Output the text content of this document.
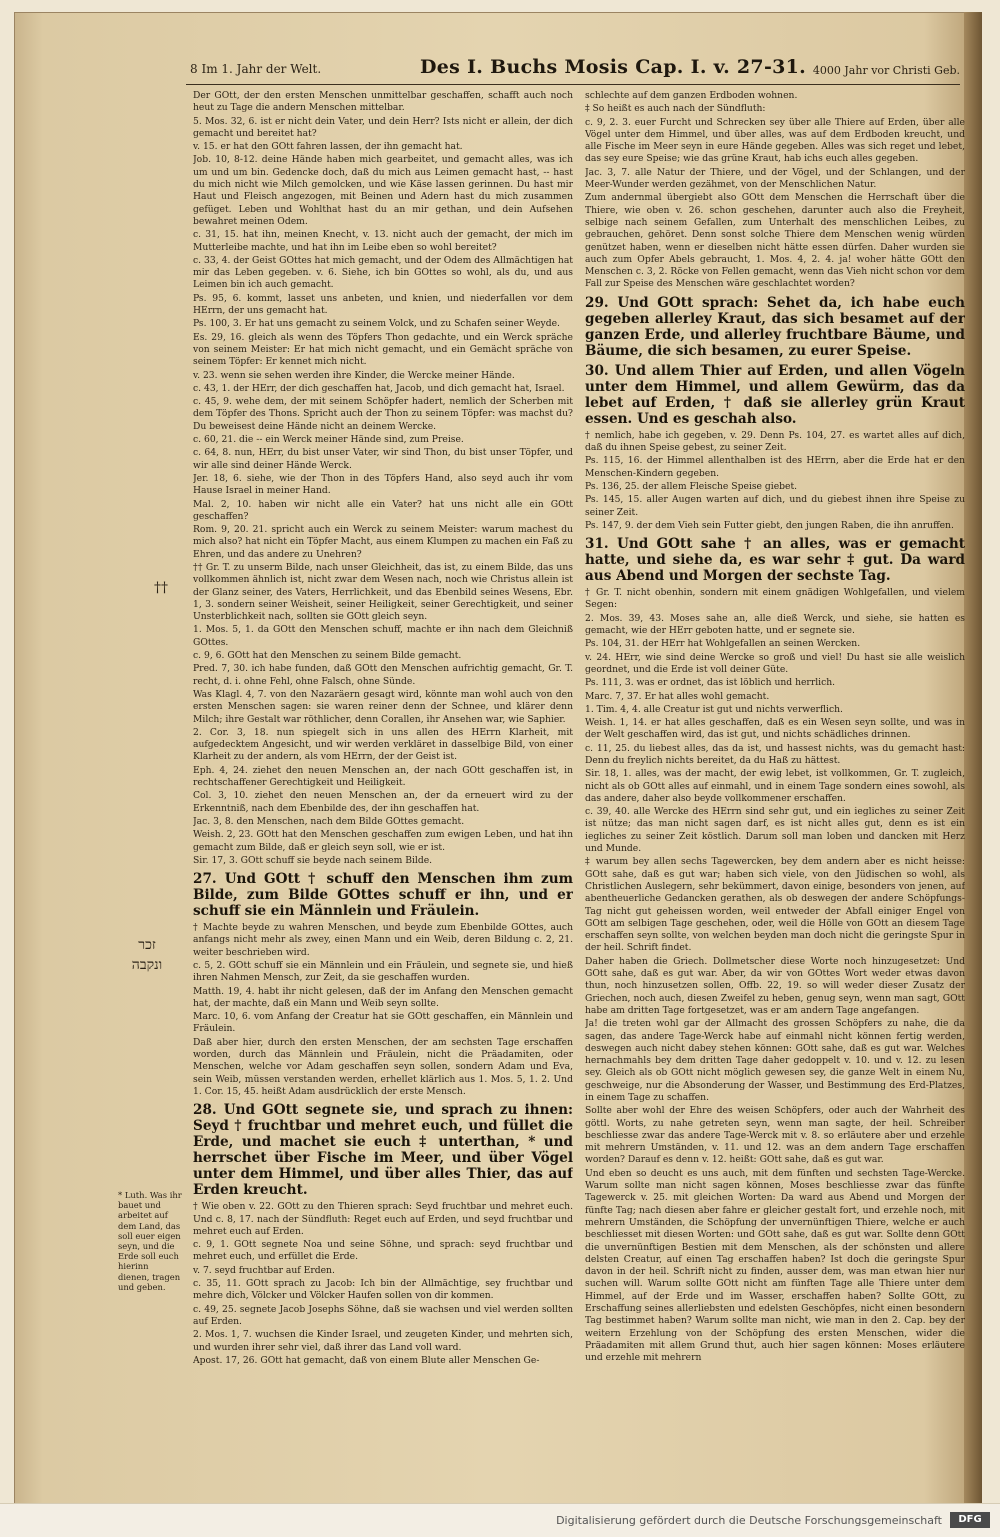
8 Im 1. Jahr der Welt.	Des I. Buchs Mosis Cap. I. v. 27-31. 4000 Jahr vor Christi Geb.
††
זכר ונקבה
* Luth. Was ihr bauet und arbeitet auf dem Land, das soll euer eigen seyn, und die Erde soll euch hierinn dienen, tragen und geben.

Der GOtt, der den ersten Menschen unmittelbar geschaffen, schafft auch noch heut zu Tage die andern Menschen mittelbar.

5. Mos. 32, 6. ist er nicht dein Vater, und dein Herr? Ists nicht er allein, der dich gemacht und bereitet hat?

v. 15. er hat den GOtt fahren lassen, der ihn gemacht hat.

Job. 10, 8-12. deine Hände haben mich gearbeitet, und gemacht alles, was ich um und um bin. Gedencke doch, daß du mich aus Leimen gemacht hast, -- hast du mich nicht wie Milch gemolcken, und wie Käse lassen gerinnen. Du hast mir Haut und Fleisch angezogen, mit Beinen und Adern hast du mich zusammen gefüget. Leben und Wohlthat hast du an mir gethan, und dein Aufsehen bewahret meinen Odem.

c. 31, 15. hat ihn, meinen Knecht, v. 13. nicht auch der gemacht, der mich im Mutterleibe machte, und hat ihn im Leibe eben so wohl bereitet?

c. 33, 4. der Geist GOttes hat mich gemacht, und der Odem des Allmächtigen hat mir das Leben gegeben. v. 6. Siehe, ich bin GOttes so wohl, als du, und aus Leimen bin ich auch gemacht.

Ps. 95, 6. kommt, lasset uns anbeten, und knien, und niederfallen vor dem HErrn, der uns gemacht hat.

Ps. 100, 3. Er hat uns gemacht zu seinem Volck, und zu Schafen seiner Weyde.

Es. 29, 16. gleich als wenn des Töpfers Thon gedachte, und ein Werck spräche von seinem Meister: Er hat mich nicht gemacht, und ein Gemächt spräche von seinem Töpfer: Er kennet mich nicht.

v. 23. wenn sie sehen werden ihre Kinder, die Wercke meiner Hände.

c. 43, 1. der HErr, der dich geschaffen hat, Jacob, und dich gemacht hat, Israel.

c. 45, 9. wehe dem, der mit seinem Schöpfer hadert, nemlich der Scherben mit dem Töpfer des Thons. Spricht auch der Thon zu seinem Töpfer: was machst du? Du beweisest deine Hände nicht an deinem Wercke.

c. 60, 21. die -- ein Werck meiner Hände sind, zum Preise.

c. 64, 8. nun, HErr, du bist unser Vater, wir sind Thon, du bist unser Töpfer, und wir alle sind deiner Hände Werck.

Jer. 18, 6. siehe, wie der Thon in des Töpfers Hand, also seyd auch ihr vom Hause Israel in meiner Hand.

Mal. 2, 10. haben wir nicht alle ein Vater? hat uns nicht alle ein GOtt geschaffen?

Rom. 9, 20. 21. spricht auch ein Werck zu seinem Meister: warum machest du mich also? hat nicht ein Töpfer Macht, aus einem Klumpen zu machen ein Faß zu Ehren, und das andere zu Unehren?

†† Gr. T. zu unserm Bilde, nach unser Gleichheit, das ist, zu einem Bilde, das uns vollkommen ähnlich ist, nicht zwar dem Wesen nach, noch wie Christus allein ist der Glanz seiner, des Vaters, Herrlichkeit, und das Ebenbild seines Wesens, Ebr. 1, 3. sondern seiner Weisheit, seiner Heiligkeit, seiner Gerechtigkeit, und seiner Unsterblichkeit nach, sollten sie GOtt gleich seyn.

1. Mos. 5, 1. da GOtt den Menschen schuff, machte er ihn nach dem Gleichniß GOttes.

c. 9, 6. GOtt hat den Menschen zu seinem Bilde gemacht.

Pred. 7, 30. ich habe funden, daß GOtt den Menschen aufrichtig gemacht, Gr. T. recht, d. i. ohne Fehl, ohne Falsch, ohne Sünde.

Was Klagl. 4, 7. von den Nazaräern gesagt wird, könnte man wohl auch von den ersten Menschen sagen: sie waren reiner denn der Schnee, und klärer denn Milch; ihre Gestalt war röthlicher, denn Corallen, ihr Ansehen war, wie Saphier.

2. Cor. 3, 18. nun spiegelt sich in uns allen des HErrn Klarheit, mit aufgedecktem Angesicht, und wir werden verkläret in dasselbige Bild, von einer Klarheit zu der andern, als vom HErrn, der der Geist ist.

Eph. 4, 24. ziehet den neuen Menschen an, der nach GOtt geschaffen ist, in rechtschaffener Gerechtigkeit und Heiligkeit.

Col. 3, 10. ziehet den neuen Menschen an, der da erneuert wird zu der Erkenntniß, nach dem Ebenbilde des, der ihn geschaffen hat.

Jac. 3, 8. den Menschen, nach dem Bilde GOttes gemacht.

Weish. 2, 23. GOtt hat den Menschen geschaffen zum ewigen Leben, und hat ihn gemacht zum Bilde, daß er gleich seyn soll, wie er ist.

Sir. 17, 3. GOtt schuff sie beyde nach seinem Bilde.

27. Und GOtt † schuff den Menschen ihm zum Bilde, zum Bilde GOttes schuff er ihn, und er schuff sie ein Männlein und Fräulein.

† Machte beyde zu wahren Menschen, und beyde zum Ebenbilde GOttes, auch anfangs nicht mehr als zwey, einen Mann und ein Weib, deren Bildung c. 2, 21. weiter beschrieben wird.

c. 5, 2. GOtt schuff sie ein Männlein und ein Fräulein, und segnete sie, und hieß ihren Nahmen Mensch, zur Zeit, da sie geschaffen wurden.

Matth. 19, 4. habt ihr nicht gelesen, daß der im Anfang den Menschen gemacht hat, der machte, daß ein Mann und Weib seyn sollte.

Marc. 10, 6. vom Anfang der Creatur hat sie GOtt geschaffen, ein Männlein und Fräulein.

Daß aber hier, durch den ersten Menschen, der am sechsten Tage erschaffen worden, durch das Männlein und Fräulein, nicht die Präadamiten, oder Menschen, welche vor Adam geschaffen seyn sollen, sondern Adam und Eva, sein Weib, müssen verstanden werden, erhellet klärlich aus 1. Mos. 5, 1. 2. Und 1. Cor. 15, 45. heißt Adam ausdrücklich der erste Mensch.

28. Und GOtt segnete sie, und sprach zu ihnen: Seyd † fruchtbar und mehret euch, und füllet die Erde, und machet sie euch ‡ unterthan, * und herrschet über Fische im Meer, und über Vögel unter dem Himmel, und über alles Thier, das auf Erden kreucht.

† Wie oben v. 22. GOtt zu den Thieren sprach: Seyd fruchtbar und mehret euch. Und c. 8, 17. nach der Sündfluth: Reget euch auf Erden, und seyd fruchtbar und mehret euch auf Erden.

c. 9, 1. GOtt segnete Noa und seine Söhne, und sprach: seyd fruchtbar und mehret euch, und erfüllet die Erde.

v. 7. seyd fruchtbar auf Erden.

c. 35, 11. GOtt sprach zu Jacob: Ich bin der Allmächtige, sey fruchtbar und mehre dich, Völcker und Völcker Haufen sollen von dir kommen.

c. 49, 25. segnete Jacob Josephs Söhne, daß sie wachsen und viel werden sollten auf Erden.

2. Mos. 1, 7. wuchsen die Kinder Israel, und zeugeten Kinder, und mehrten sich, und wurden ihrer sehr viel, daß ihrer das Land voll ward.

Apost. 17, 26. GOtt hat gemacht, daß von einem Blute aller Menschen Ge-

schlechte auf dem ganzen Erdboden wohnen.

‡ So heißt es auch nach der Sündfluth:

c. 9, 2. 3. euer Furcht und Schrecken sey über alle Thiere auf Erden, über alle Vögel unter dem Himmel, und über alles, was auf dem Erdboden kreucht, und alle Fische im Meer seyn in eure Hände gegeben. Alles was sich reget und lebet, das sey eure Speise; wie das grüne Kraut, hab ichs euch alles gegeben.

Jac. 3, 7. alle Natur der Thiere, und der Vögel, und der Schlangen, und der Meer-Wunder werden gezähmet, von der Menschlichen Natur.

Zum andernmal übergiebt also GOtt dem Menschen die Herrschaft über die Thiere, wie oben v. 26. schon geschehen, darunter auch also die Freyheit, selbige nach seinem Gefallen, zum Unterhalt des menschlichen Leibes, zu gebrauchen, gehöret. Denn sonst solche Thiere dem Menschen wenig würden genützet haben, wenn er dieselben nicht hätte essen dürfen. Daher wurden sie auch zum Opfer Abels gebraucht, 1. Mos. 4, 2. 4. ja! woher hätte GOtt den Menschen c. 3, 2. Röcke von Fellen gemacht, wenn das Vieh nicht schon vor dem Fall zur Speise des Menschen wäre geschlachtet worden?

29. Und GOtt sprach: Sehet da, ich habe euch gegeben allerley Kraut, das sich besamet auf der ganzen Erde, und allerley fruchtbare Bäume, und Bäume, die sich besamen, zu eurer Speise.

30. Und allem Thier auf Erden, und allen Vögeln unter dem Himmel, und allem Gewürm, das da lebet auf Erden, † daß sie allerley grün Kraut essen. Und es geschah also.

† nemlich, habe ich gegeben, v. 29. Denn Ps. 104, 27. es wartet alles auf dich, daß du ihnen Speise gebest, zu seiner Zeit.

Ps. 115, 16. der Himmel allenthalben ist des HErrn, aber die Erde hat er den Menschen-Kindern gegeben.

Ps. 136, 25. der allem Fleische Speise giebet.

Ps. 145, 15. aller Augen warten auf dich, und du giebest ihnen ihre Speise zu seiner Zeit.

Ps. 147, 9. der dem Vieh sein Futter giebt, den jungen Raben, die ihn anruffen.

31. Und GOtt sahe † an alles, was er gemacht hatte, und siehe da, es war sehr ‡ gut. Da ward aus Abend und Morgen der sechste Tag.

† Gr. T. nicht obenhin, sondern mit einem gnädigen Wohlgefallen, und vielem Segen:

2. Mos. 39, 43. Moses sahe an, alle dieß Werck, und siehe, sie hatten es gemacht, wie der HErr geboten hatte, und er segnete sie.

Ps. 104, 31. der HErr hat Wohlgefallen an seinen Wercken.

v. 24. HErr, wie sind deine Wercke so groß und viel! Du hast sie alle weislich geordnet, und die Erde ist voll deiner Güte.

Ps. 111, 3. was er ordnet, das ist löblich und herrlich.

Marc. 7, 37. Er hat alles wohl gemacht.

1. Tim. 4, 4. alle Creatur ist gut und nichts verwerflich.

Weish. 1, 14. er hat alles geschaffen, daß es ein Wesen seyn sollte, und was in der Welt geschaffen wird, das ist gut, und nichts schädliches drinnen.

c. 11, 25. du liebest alles, das da ist, und hassest nichts, was du gemacht hast: Denn du freylich nichts bereitet, da du Haß zu hättest.

Sir. 18, 1. alles, was der macht, der ewig lebet, ist vollkommen, Gr. T. zugleich, nicht als ob GOtt alles auf einmahl, und in einem Tage sondern eines sowohl, als das andere, daher also beyde vollkommener erschaffen.

c. 39, 40. alle Wercke des HErrn sind sehr gut, und ein iegliches zu seiner Zeit ist nütze; das man nicht sagen darf, es ist nicht alles gut, denn es ist ein iegliches zu seiner Zeit köstlich. Darum soll man loben und dancken mit Herz und Munde.

‡ warum bey allen sechs Tagewercken, bey dem andern aber es nicht heisse: GOtt sahe, daß es gut war; haben sich viele, von den Jüdischen so wohl, als Christlichen Auslegern, sehr bekümmert, davon einige, besonders von jenen, auf abentheuerliche Gedancken gerathen, als ob deswegen der andere Schöpfungs-Tag nicht gut geheissen worden, weil entweder der Abfall einiger Engel von GOtt am selbigen Tage geschehen, oder, weil die Hölle von GOtt an diesem Tage erschaffen seyn sollte, von welchen beyden man doch nicht die geringste Spur in der heil. Schrift findet.

Daher haben die Griech. Dollmetscher diese Worte noch hinzugesetzet: Und GOtt sahe, daß es gut war. Aber, da wir von GOttes Wort weder etwas davon thun, noch hinzusetzen sollen, Offb. 22, 19. so will weder dieser Zusatz der Griechen, noch auch, diesen Zweifel zu heben, genug seyn, wenn man sagt, GOtt habe am dritten Tage fortgesetzet, was er am andern Tage angefangen.

Ja! die treten wohl gar der Allmacht des grossen Schöpfers zu nahe, die da sagen, das andere Tage-Werck habe auf einmahl nicht können fertig werden, deswegen auch nicht dabey stehen können: GOtt sahe, daß es gut war. Welches hernachmahls bey dem dritten Tage daher gedoppelt v. 10. und v. 12. zu lesen sey. Gleich als ob GOtt nicht möglich gewesen sey, die ganze Welt in einem Nu, geschweige, nur die Absonderung der Wasser, und Bestimmung des Erd-Platzes, in einem Tage zu schaffen.

Sollte aber wohl der Ehre des weisen Schöpfers, oder auch der Wahrheit des göttl. Worts, zu nahe getreten seyn, wenn man sagte, der heil. Schreiber beschliesse zwar das andere Tage-Werck mit v. 8. so erläutere aber und erzehle mit mehrern Umständen, v. 11. und 12. was an dem andern Tage erschaffen worden? Darauf es denn v. 12. heißt: GOtt sahe, daß es gut war.

Und eben so deucht es uns auch, mit dem fünften und sechsten Tage-Wercke. Warum sollte man nicht sagen können, Moses beschliesse zwar das fünfte Tagewerck v. 25. mit gleichen Worten: Da ward aus Abend und Morgen der fünfte Tag; nach diesen aber fahre er gleicher gestalt fort, und erzehle noch, mit mehrern Umständen, die Schöpfung der unvernünftigen Thiere, welche er auch beschliesset mit diesen Worten: und GOtt sahe, daß es gut war. Sollte denn GOtt die unvernünftigen Bestien mit dem Menschen, als der schönsten und allere delsten Creatur, auf einen Tag erschaffen haben? Ist doch die geringste Spur davon in der heil. Schrift nicht zu finden, ausser dem, was man etwan hier nur suchen will. Warum sollte GOtt nicht am fünften Tage alle Thiere unter dem Himmel, auf der Erde und im Wasser, erschaffen haben? Sollte GOtt, zu Erschaffung seines allerliebsten und edelsten Geschöpfes, nicht einen besondern Tag bestimmet haben? Warum sollte man nicht, wie man in den 2. Cap. bey der weitern Erzehlung von der Schöpfung des ersten Menschen, wider die Präadamiten mit allem Grund thut, auch hier sagen können: Moses erläutere und erzehle mit mehrern

Digitalisierung gefördert durch die Deutsche Forschungsgemeinschaft	DFG
